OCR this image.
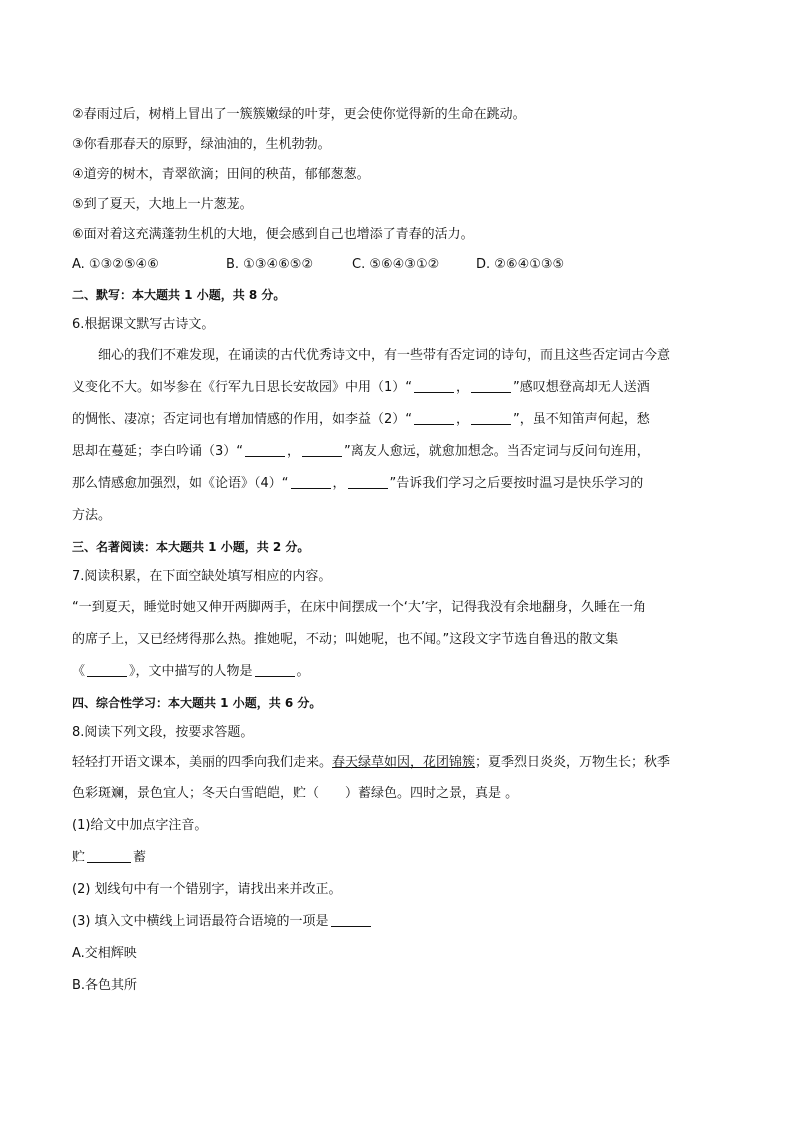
②春雨过后，树梢上冒出了一簇簇嫩绿的叶芽，更会使你觉得新的生命在跳动。
③你看那春天的原野，绿油油的，生机勃勃。
④道旁的树木，青翠欲滴；田间的秧苗，郁郁葱葱。
⑤到了夏天，大地上一片葱茏。
⑥面对着这充满蓬勃生机的大地，便会感到自己也增添了青春的活力。
A. ①③②⑤④⑥	B. ①③④⑥⑤②	C. ⑤⑥④③①②	D. ②⑥④①③⑤
二、默写：本大题共 1 小题，共 8 分。
6.根据课文默写古诗文。
细心的我们不难发现，在诵读的古代优秀诗文中，有一些带有否定词的诗句，而且这些否定词古今意
义变化不大。如岑参在《行军九日思长安故园》中用（1）“	，	”感叹想登高却无人送酒
的惆怅、凄凉；否定词也有增加情感的作用，如李益（2）“	，	”，虽不知笛声何起，愁
思却在蔓延；李白吟诵（3）“	，	”离友人愈远，就愈加想念。当否定词与反问句连用，
那么情感愈加强烈，如《论语》（4）“	，	”告诉我们学习之后要按时温习是快乐学习的
方法。
三、名著阅读：本大题共 1 小题，共 2 分。
7.阅读积累，在下面空缺处填写相应的内容。
“一到夏天，睡觉时她又伸开两脚两手，在床中间摆成一个‘大’字，记得我没有余地翻身，久睡在一角
的席子上，又已经烤得那么热。推她呢，不动；叫她呢，也不闻。”这段文字节选自鲁迅的散文集
《	》，文中描写的人物是	。
四、综合性学习：本大题共 1 小题，共 6 分。
8.阅读下列文段，按要求答题。
轻轻打开语文课本，美丽的四季向我们走来。春天绿草如因，花团锦簇；夏季烈日炎炎，万物生长；秋季
色彩斑斓，景色宜人；冬天白雪皑皑，贮（　　）蓄绿色。四时之景，真是 。
(1)给文中加点字注音。
贮	蓄
(2) 划线句中有一个错别字，请找出来并改正。
(3) 填入文中横线上词语最符合语境的一项是
A.交相辉映
B.各色其所
